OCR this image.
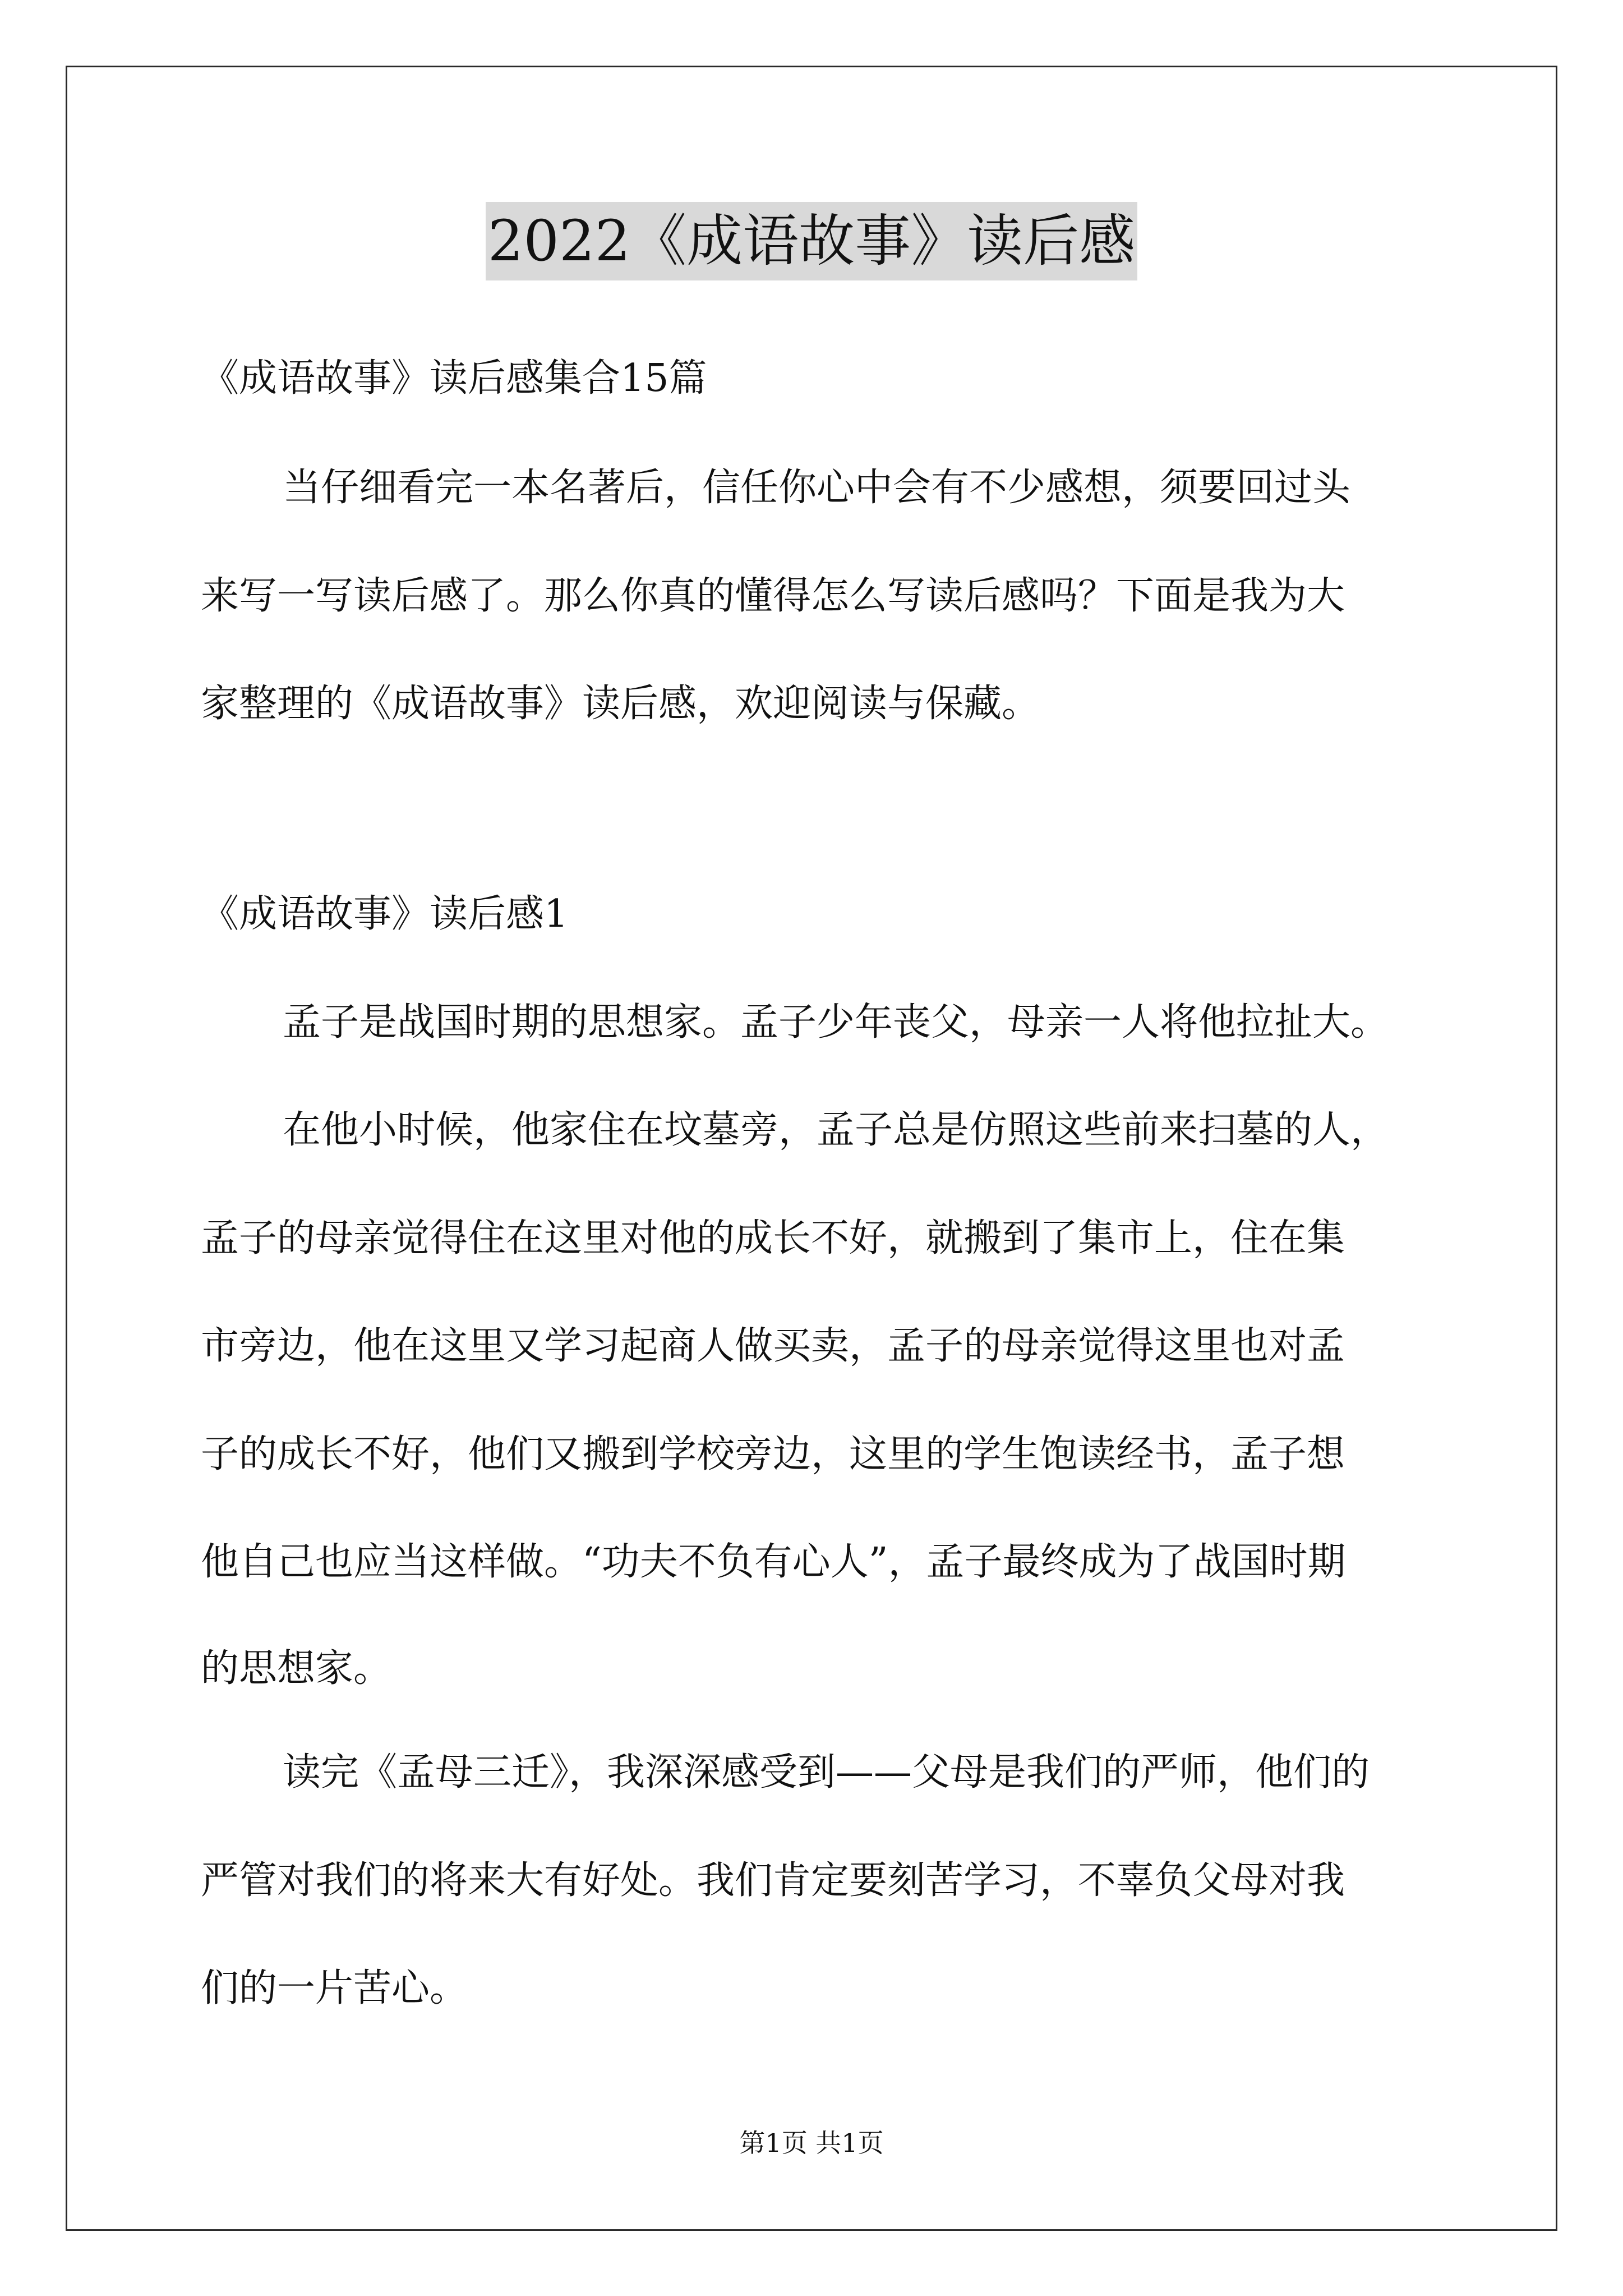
2022《成语故事》读后感
《成语故事》读后感集合15篇
当仔细看完一本名著后，信任你心中会有不少感想，须要回过头
来写一写读后感了。那么你真的懂得怎么写读后感吗？下面是我为大
家整理的《成语故事》读后感，欢迎阅读与保藏。
《成语故事》读后感1
孟子是战国时期的思想家。孟子少年丧父，母亲一人将他拉扯大。
在他小时候，他家住在坟墓旁，孟子总是仿照这些前来扫墓的人，
孟子的母亲觉得住在这里对他的成长不好，就搬到了集市上，住在集
市旁边，他在这里又学习起商人做买卖，孟子的母亲觉得这里也对孟
子的成长不好，他们又搬到学校旁边，这里的学生饱读经书，孟子想
他自己也应当这样做。“功夫不负有心人”，孟子最终成为了战国时期
的思想家。
读完《孟母三迁》，我深深感受到——父母是我们的严师，他们的
严管对我们的将来大有好处。我们肯定要刻苦学习，不辜负父母对我
们的一片苦心。
第1页 共1页
